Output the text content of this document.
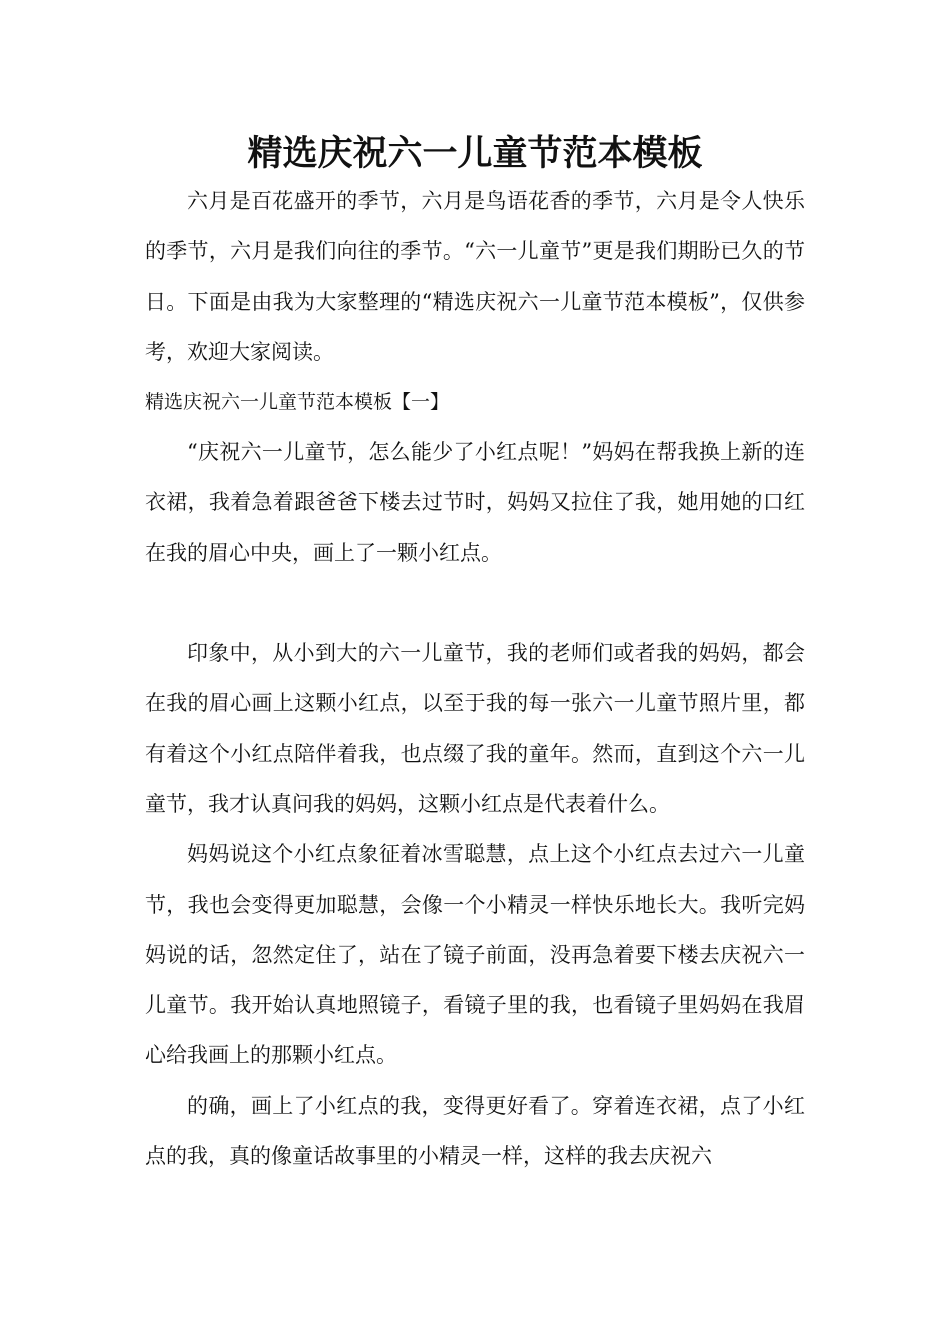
精选庆祝六一儿童节范本模板

六月是百花盛开的季节，六月是鸟语花香的季节，六月是令人快乐的季节，六月是我们向往的季节。“六一儿童节”更是我们期盼已久的节日。下面是由我为大家整理的“精选庆祝六一儿童节范本模板”，仅供参考，欢迎大家阅读。

精选庆祝六一儿童节范本模板【一】

“庆祝六一儿童节，怎么能少了小红点呢！”妈妈在帮我换上新的连衣裙，我着急着跟爸爸下楼去过节时，妈妈又拉住了我，她用她的口红在我的眉心中央，画上了一颗小红点。

印象中，从小到大的六一儿童节，我的老师们或者我的妈妈，都会在我的眉心画上这颗小红点，以至于我的每一张六一儿童节照片里，都有着这个小红点陪伴着我，也点缀了我的童年。然而，直到这个六一儿童节，我才认真问我的妈妈，这颗小红点是代表着什么。

妈妈说这个小红点象征着冰雪聪慧，点上这个小红点去过六一儿童节，我也会变得更加聪慧，会像一个小精灵一样快乐地长大。我听完妈妈说的话，忽然定住了，站在了镜子前面，没再急着要下楼去庆祝六一儿童节。我开始认真地照镜子，看镜子里的我，也看镜子里妈妈在我眉心给我画上的那颗小红点。

的确，画上了小红点的我，变得更好看了。穿着连衣裙，点了小红点的我，真的像童话故事里的小精灵一样，这样的我去庆祝六
